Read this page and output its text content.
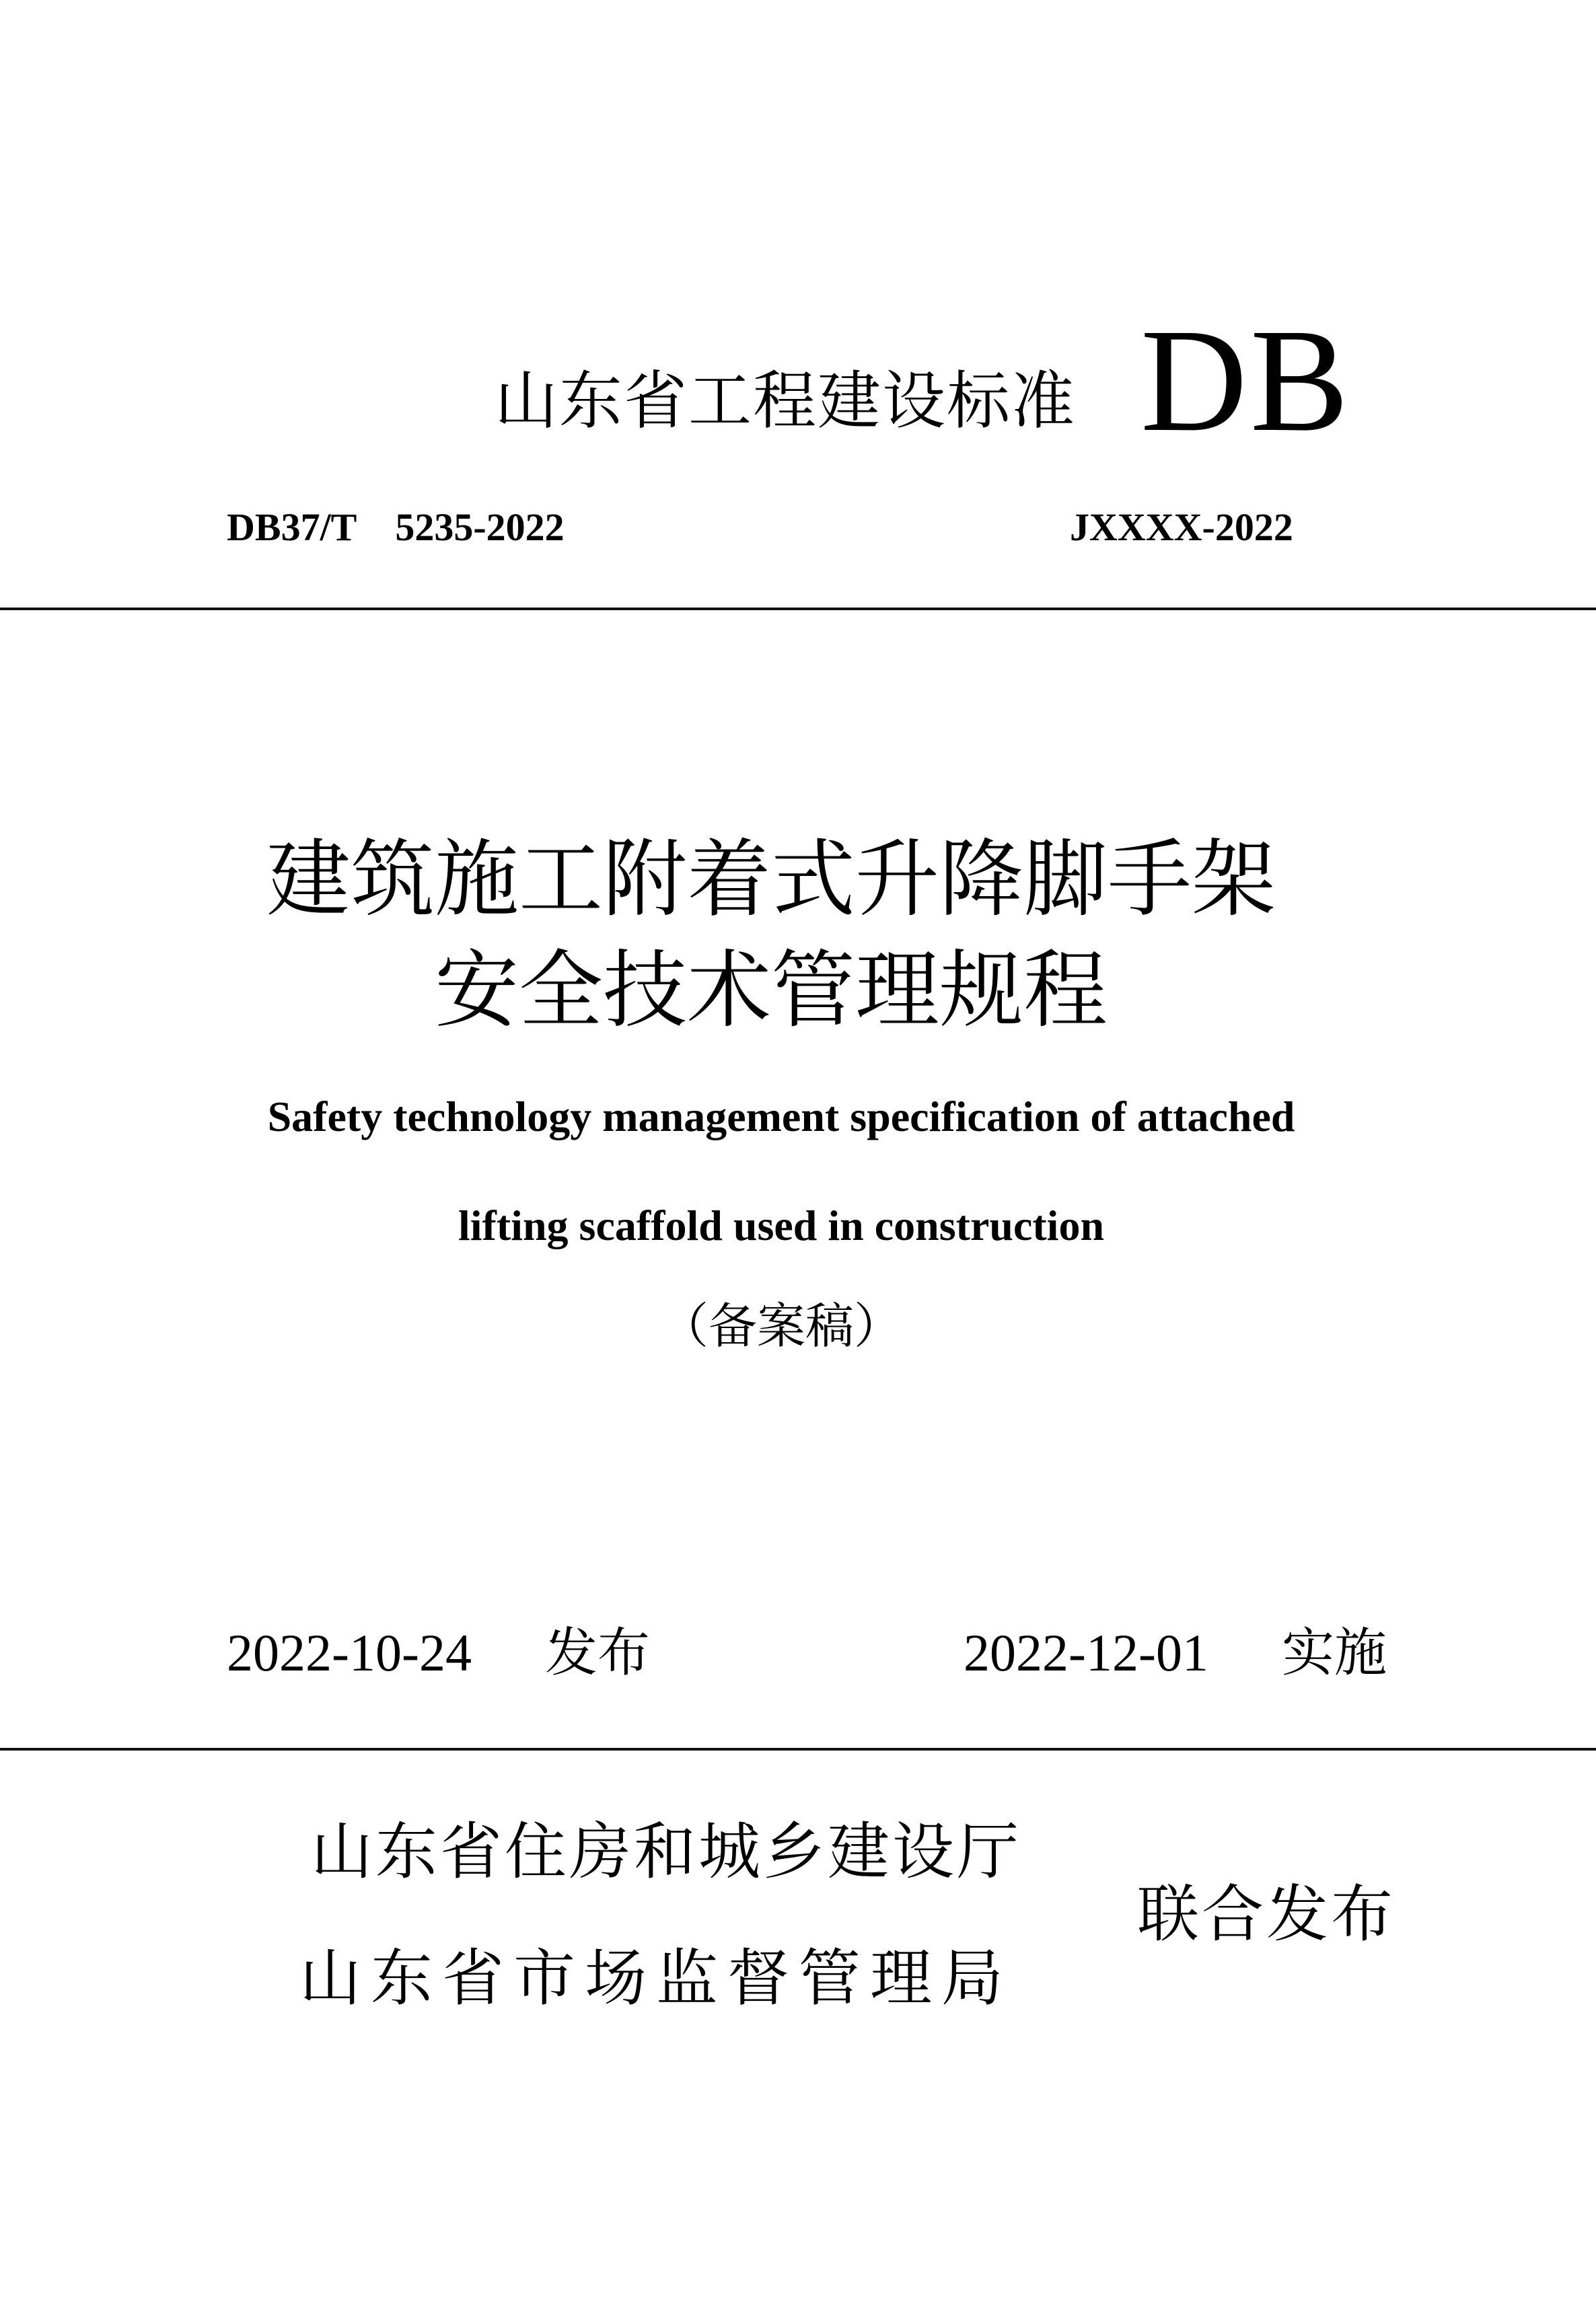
山东省工程建设标准 DB
DB37/T    5235-2022	JXXXX-2022
建筑施工附着式升降脚手架
安全技术管理规程
Safety technology management specification of attached
lifting scaffold used in construction
（备案稿）
2022-10-24 发布	2022-12-01 实施
山东省住房和城乡建设厅
山东省市场监督管理局
联合发布
